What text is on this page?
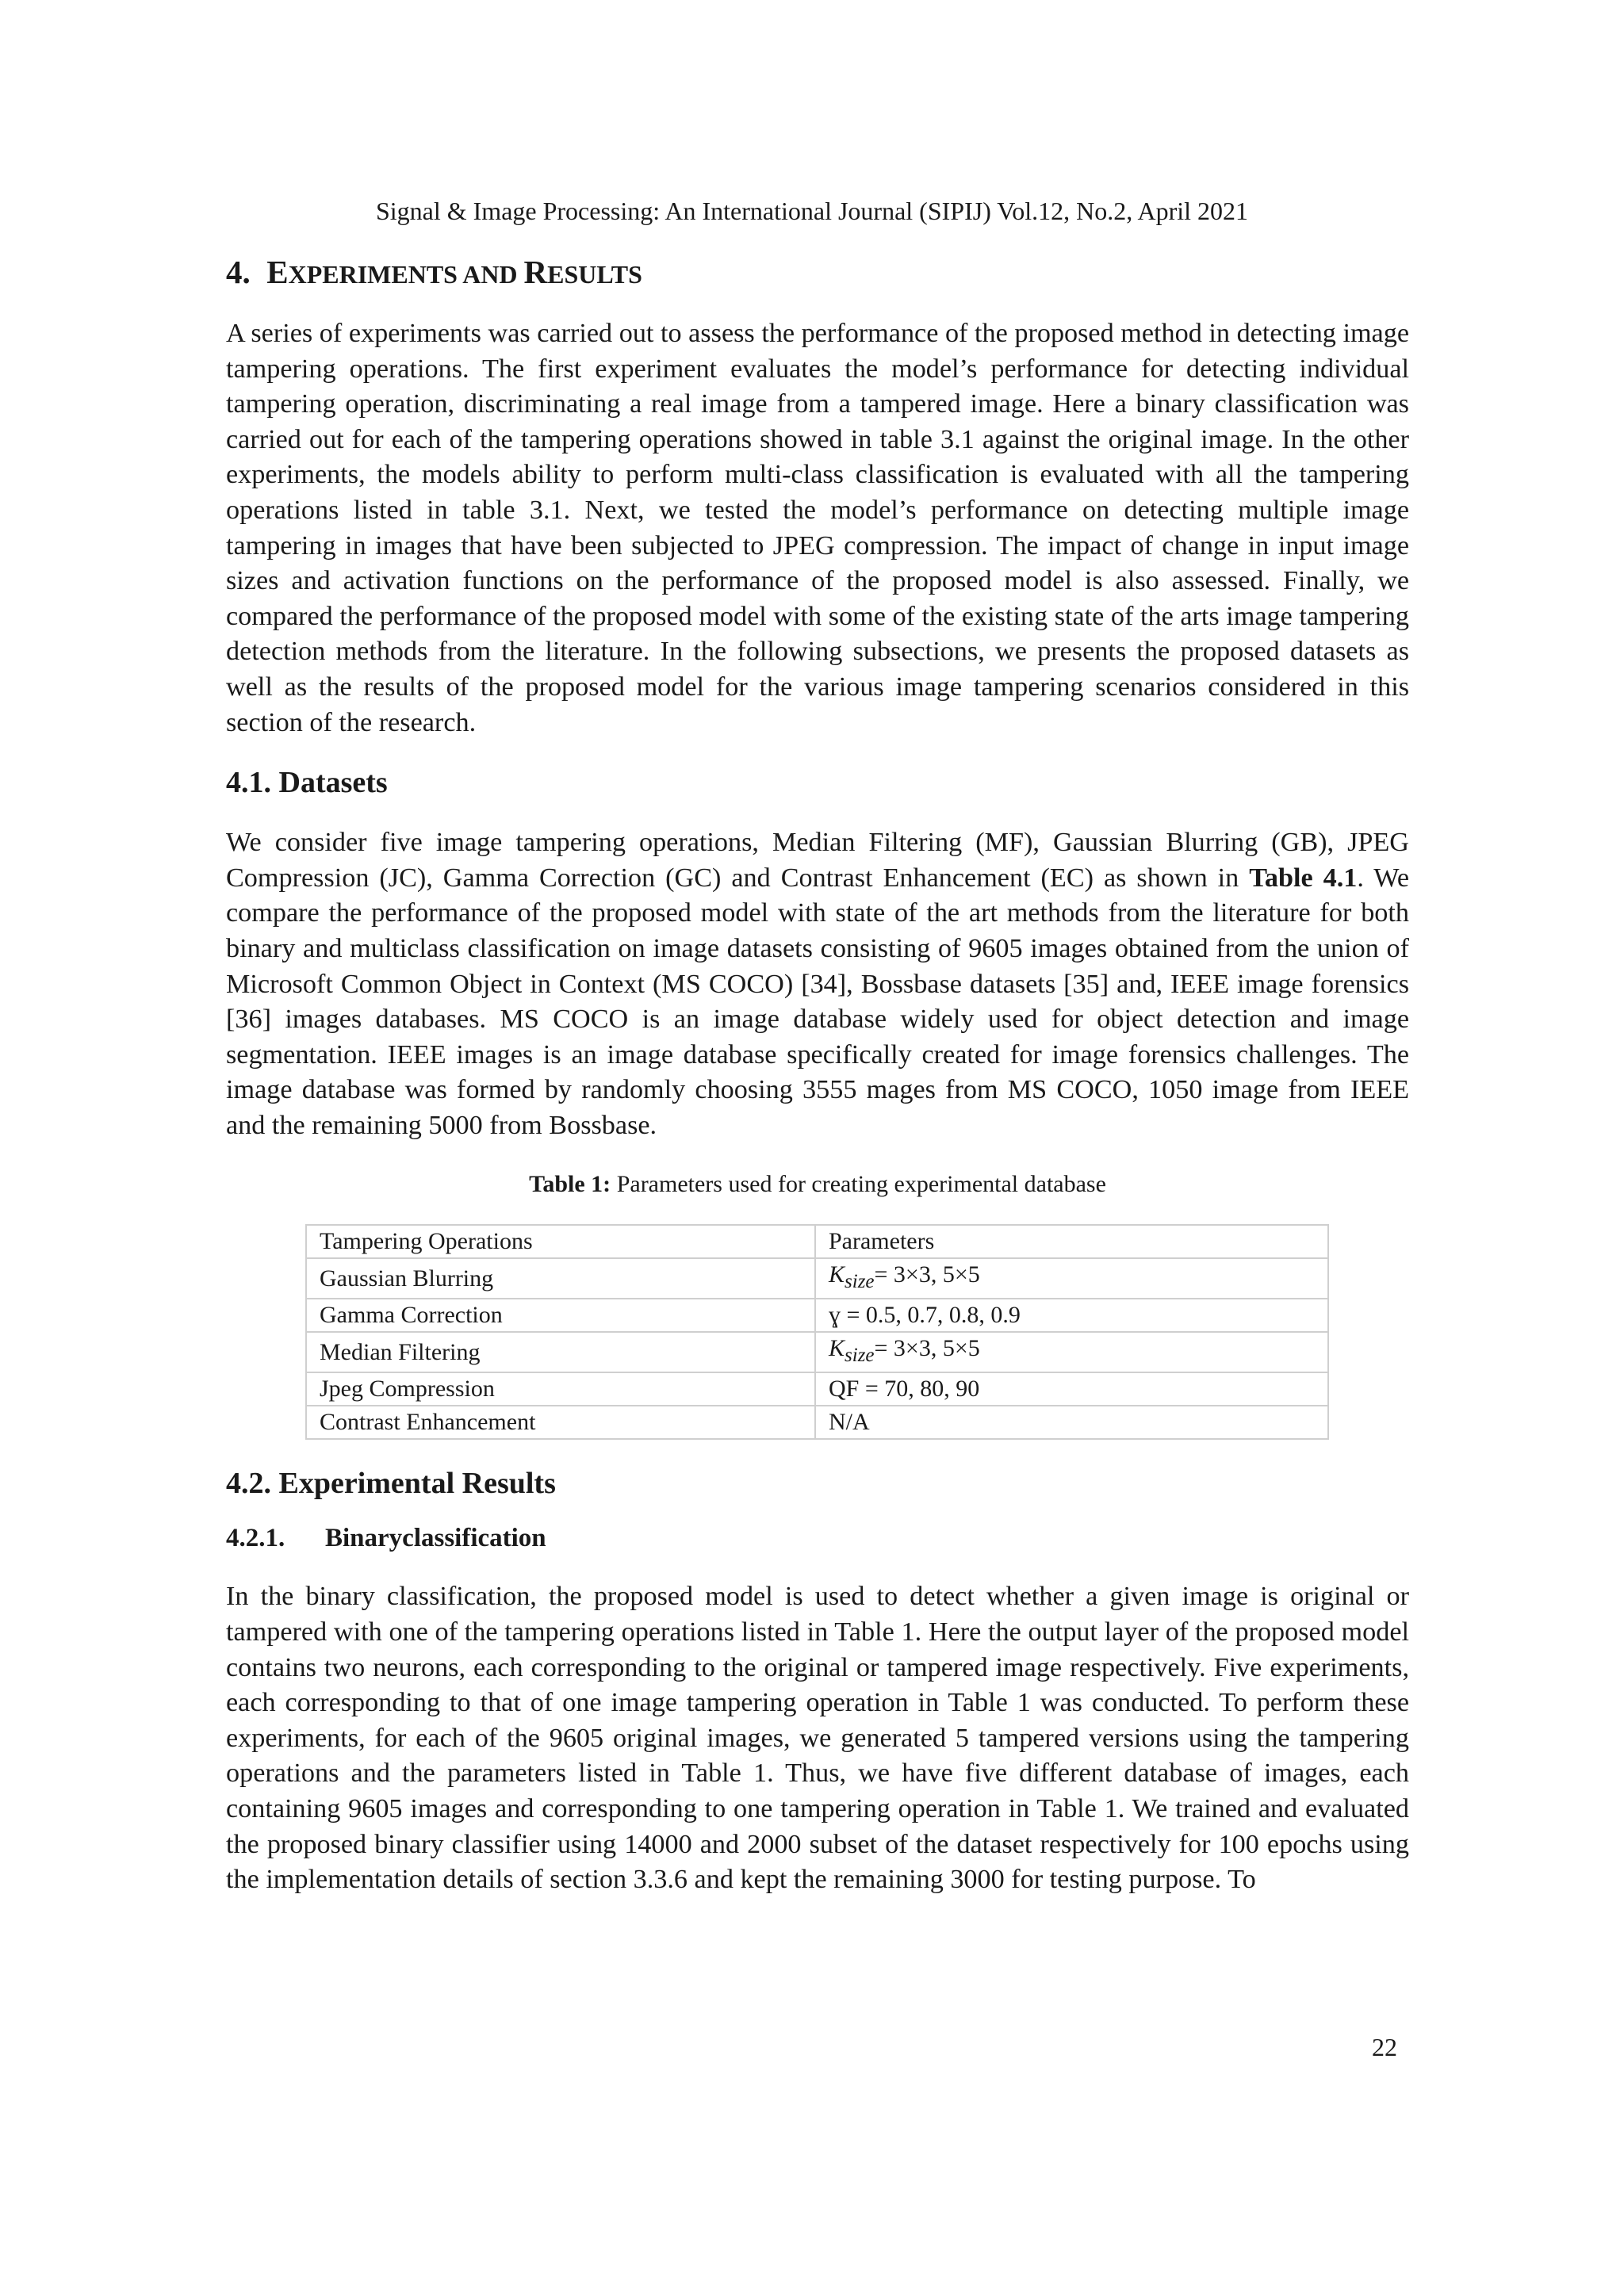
Signal & Image Processing: An International Journal (SIPIJ) Vol.12, No.2, April 2021
4. EXPERIMENTS AND RESULTS

A series of experiments was carried out to assess the performance of the proposed method in detecting image tampering operations. The first experiment evaluates the model’s performance for detecting individual tampering operation, discriminating a real image from a tampered image. Here a binary classification was carried out for each of the tampering operations showed in table 3.1 against the original image. In the other experiments, the models ability to perform multi-class classification is evaluated with all the tampering operations listed in table 3.1. Next, we tested the model’s performance on detecting multiple image tampering in images that have been subjected to JPEG compression. The impact of change in input image sizes and activation functions on the performance of the proposed model is also assessed. Finally, we compared the performance of the proposed model with some of the existing state of the arts image tampering detection methods from the literature. In the following subsections, we presents the proposed datasets as well as the results of the proposed model for the various image tampering scenarios considered in this section of the research.

4.1. Datasets

We consider five image tampering operations, Median Filtering (MF), Gaussian Blurring (GB), JPEG Compression (JC), Gamma Correction (GC) and Contrast Enhancement (EC) as shown in Table 4.1. We compare the performance of the proposed model with state of the art methods from the literature for both binary and multiclass classification on image datasets consisting of 9605 images obtained from the union of Microsoft Common Object in Context (MS COCO) [34], Bossbase datasets [35] and, IEEE image forensics [36] images databases. MS COCO is an image database widely used for object detection and image segmentation. IEEE images is an image database specifically created for image forensics challenges. The image database was formed by randomly choosing 3555 mages from MS COCO, 1050 image from IEEE and the remaining 5000 from Bossbase.

Table 1: Parameters used for creating experimental database
Tampering Operations	Parameters
Gaussian Blurring	$K_{size}= 3\times 3$, 5×5
Gamma Correction	ɣ = 0.5, 0.7, 0.8, 0.9
Median Filtering	$K_{size}= 3\times 3$, 5×5
Jpeg Compression	QF = 70, 80, 90
Contrast Enhancement	N/A
4.2. Experimental Results
4.2.1. Binaryclassification

In the binary classification, the proposed model is used to detect whether a given image is original or tampered with one of the tampering operations listed in Table 1. Here the output layer of the proposed model contains two neurons, each corresponding to the original or tampered image respectively. Five experiments, each corresponding to that of one image tampering operation in Table 1 was conducted. To perform these experiments, for each of the 9605 original images, we generated 5 tampered versions using the tampering operations and the parameters listed in Table 1. Thus, we have five different database of images, each containing 9605 images and corresponding to one tampering operation in Table 1. We trained and evaluated the proposed binary classifier using 14000 and 2000 subset of the dataset respectively for 100 epochs using the implementation details of section 3.3.6 and kept the remaining 3000 for testing purpose. To

22
